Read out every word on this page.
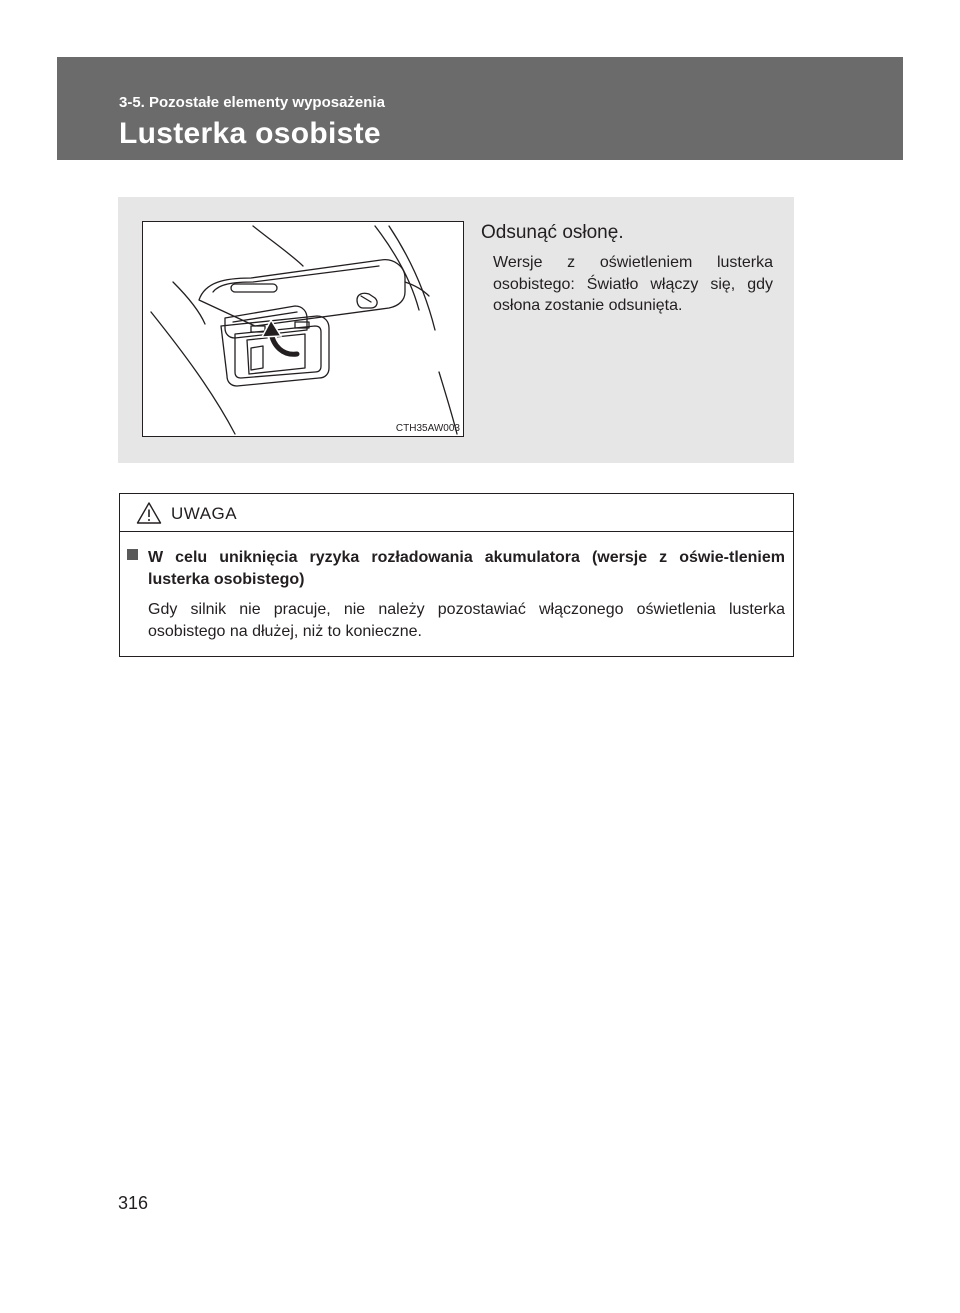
3-5. Pozostałe elementy wyposażenia
Lusterka osobiste
CTH35AW003
Odsunąć osłonę.
Wersje z oświetleniem lusterka osobistego: Światło włączy się, gdy osłona zostanie odsunięta.
UWAGA
W celu uniknięcia ryzyka rozładowania akumulatora (wersje z oświe-tleniem lusterka osobistego)
Gdy silnik nie pracuje, nie należy pozostawiać włączonego oświetlenia lusterka osobistego na dłużej, niż to konieczne.
316
